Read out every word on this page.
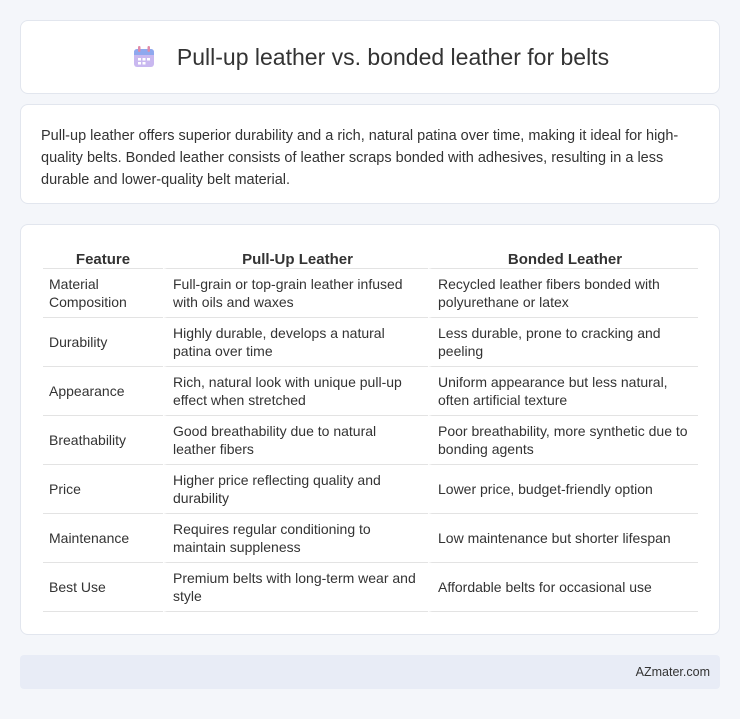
Pull-up leather vs. bonded leather for belts

Pull-up leather offers superior durability and a rich, natural patina over time, making it ideal for high-quality belts. Bonded leather consists of leather scraps bonded with adhesives, resulting in a less durable and lower-quality belt material.

Feature	Pull-Up Leather	Bonded Leather
Material Composition	Full-grain or top-grain leather infused with oils and waxes	Recycled leather fibers bonded with polyurethane or latex
Durability	Highly durable, develops a natural patina over time	Less durable, prone to cracking and peeling
Appearance	Rich, natural look with unique pull-up effect when stretched	Uniform appearance but less natural, often artificial texture
Breathability	Good breathability due to natural leather fibers	Poor breathability, more synthetic due to bonding agents
Price	Higher price reflecting quality and durability	Lower price, budget-friendly option
Maintenance	Requires regular conditioning to maintain suppleness	Low maintenance but shorter lifespan
Best Use	Premium belts with long-term wear and style	Affordable belts for occasional use
AZmater.com
